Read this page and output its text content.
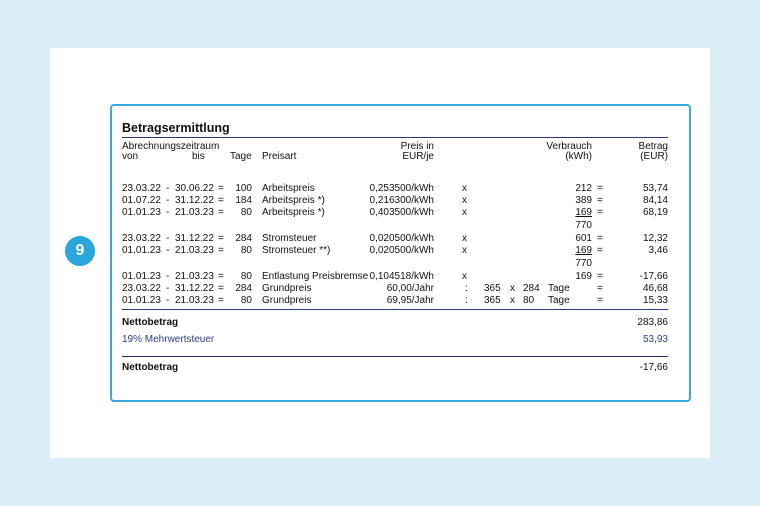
9
Betragsermittlung
Abrechnungszeitraum
von	bis	Tage Preisart
Preis in
EUR/je
Verbrauch
(kWh)
Betrag
(EUR)
23.03.22 - 30.06.22 =	100 Arbeitspreis	0,253500/kWh	x	212 =	53,74
01.07.22 - 31.12.22 =	184 Arbeitspreis *)	0,216300/kWh	x	389 =	84,14
01.01.23 - 21.03.23 =	80 Arbeitspreis *)	0,403500/kWh	x	169 =	68,19
770
23.03.22 - 31.12.22 =	284 Stromsteuer	0,020500/kWh	x	601 =	12,32
01.01.23 - 21.03.23 =	80 Stromsteuer **)	0,020500/kWh	x	169 =	3,46
770
01.01.23 - 21.03.23 =	80 Entlastung Preisbremse 0,104518/kWh	x	169 =	-17,66
23.03.22 - 31.12.22 =	284 Grundpreis	60,00/Jahr	: 365 x 284 Tage	=	46,68
01.01.23 - 21.03.23 =	80 Grundpreis	69,95/Jahr	: 365 x 80 Tage	=	15,33
Nettobetrag	283,86
19% Mehrwertsteuer	53,93
Nettobetrag	-17,66
